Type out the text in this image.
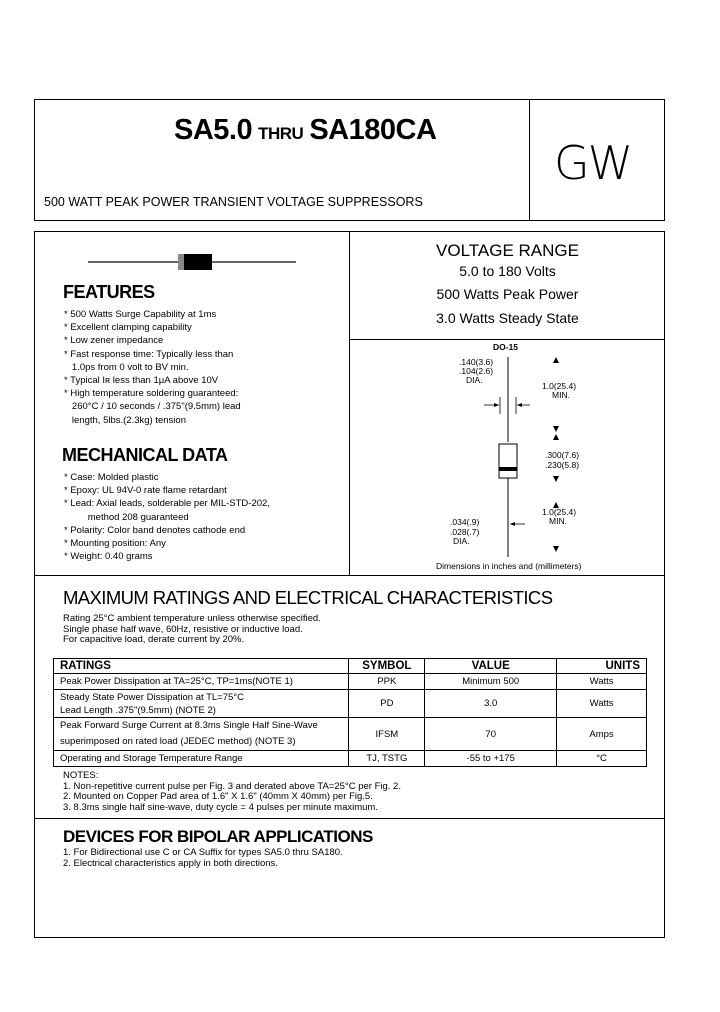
SA5.0 THRU SA180CA
500 WATT PEAK POWER TRANSIENT VOLTAGE SUPPRESSORS
GW
FEATURES
* 500 Watts Surge Capability at 1ms
* Excellent clamping capability
* Low zener impedance
* Fast response time: Typically less than
1.0ps from 0 volt to BV min.
* Typical Iʀ less than 1μA above 10V
* High temperature soldering guaranteed:
260°C / 10 seconds / .375"(9.5mm) lead
length, 5lbs.(2.3kg) tension
MECHANICAL DATA
* Case: Molded plastic
* Epoxy: UL 94V-0 rate flame retardant
* Lead: Axial leads, solderable per MIL-STD-202,
method 208 guaranteed
* Polarity: Color band denotes cathode end
* Mounting position: Any
* Weight: 0.40 grams
VOLTAGE RANGE
5.0 to 180 Volts
500 Watts Peak Power
3.0 Watts Steady State
DO-15
.140(3.6)
.104(2.6)
DIA.
1.0(25.4)
MIN.
.300(7.6)
.230(5.8)
1.0(25.4)
MIN.
.034(.9)
.028(.7)
DIA.
Dimensions in inches and (millimeters)
MAXIMUM RATINGS AND ELECTRICAL CHARACTERISTICS
Rating 25°C ambient temperature unless otherwise specified.
Single phase half wave, 60Hz, resistive or inductive load.
For capacitive load, derate current by 20%.
RATINGS	SYMBOL	VALUE	UNITS
Peak Power Dissipation at TA=25°C, TP=1ms(NOTE 1)	PPK	Minimum 500	Watts

Steady State Power Dissipation at TL=75°C
Lead Length .375"(9.5mm) (NOTE 2)	PD	3.0	Watts

Peak Forward Surge Current at 8.3ms Single Half Sine-Wave
superimposed on rated load (JEDEC method) (NOTE 3)	IFSM	70	Amps
Operating and Storage Temperature Range	TJ, TSTG	-55 to +175	°C
NOTES:
1. Non-repetitive current pulse per Fig. 3 and derated above TA=25°C per Fig. 2.
2. Mounted on Copper Pad area of 1.6" X 1.6" (40mm X 40mm) per Fig.5.
3. 8.3ms single half sine-wave, duty cycle = 4 pulses per minute maximum.
DEVICES FOR BIPOLAR APPLICATIONS
1. For Bidirectional use C or CA Suffix for types SA5.0 thru SA180.
2. Electrical characteristics apply in both directions.
